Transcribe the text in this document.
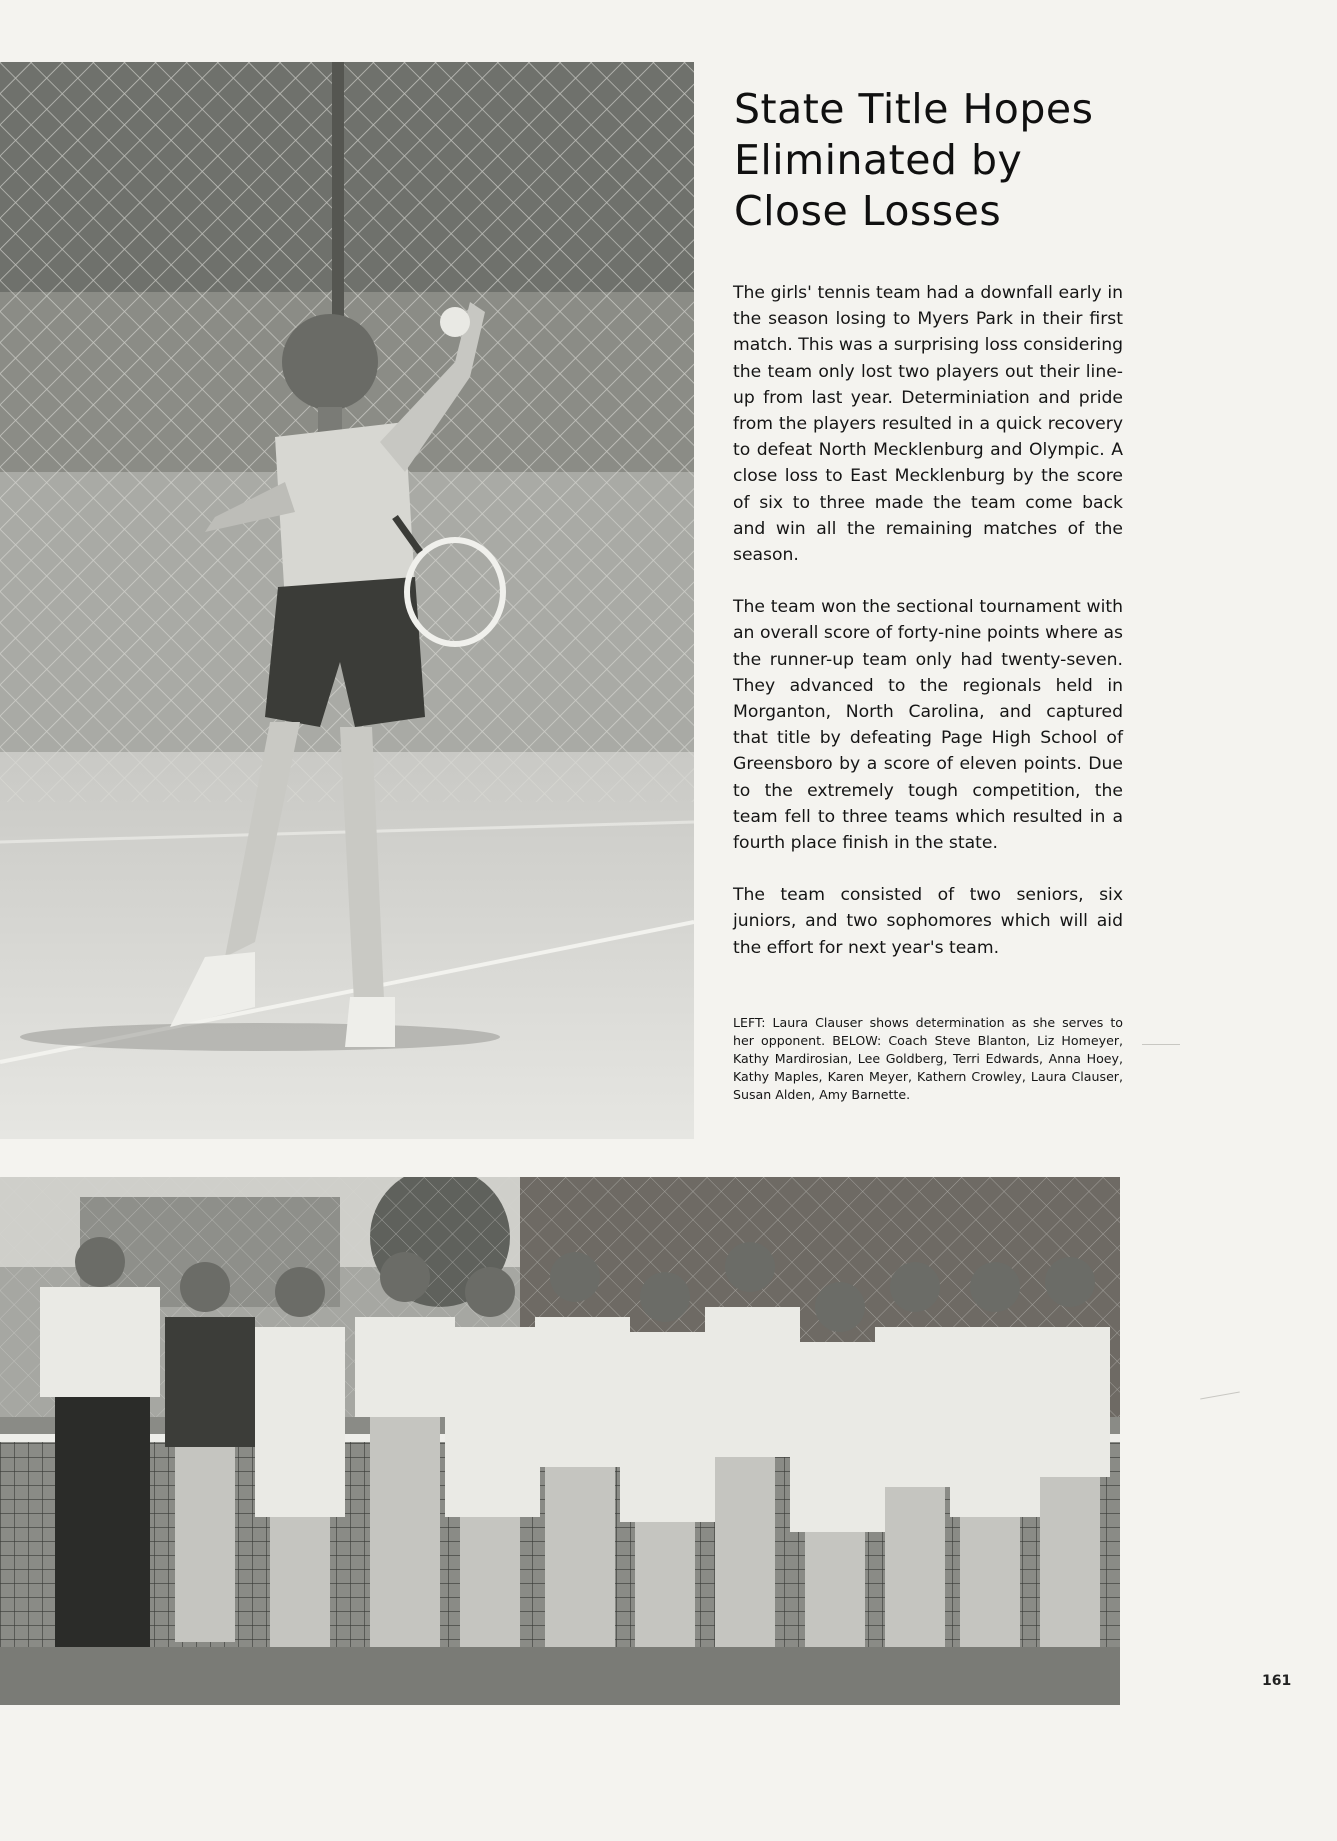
State Title Hopes
Eliminated by
Close Losses

The girls' tennis team had a downfall early in the season losing to Myers Park in their first match. This was a surprising loss considering the team only lost two players out their line-up from last year. Determiniation and pride from the players resulted in a quick recovery to defeat North Mecklenburg and Olympic. A close loss to East Mecklenburg by the score of six to three made the team come back and win all the remaining matches of the season.

The team won the sectional tournament with an overall score of forty-nine points where as the runner-up team only had twenty-seven. They advanced to the regionals held in Morganton, North Carolina, and captured that title by defeating Page High School of Greensboro by a score of eleven points. Due to the extremely tough competition, the team fell to three teams which resulted in a fourth place finish in the state.

The team consisted of two seniors, six juniors, and two sophomores which will aid the effort for next year's team.

LEFT: Laura Clauser shows determination as she serves to her opponent. BELOW: Coach Steve Blanton, Liz Homeyer, Kathy Mardirosian, Lee Goldberg, Terri Edwards, Anna Hoey, Kathy Maples, Karen Meyer, Kathern Crowley, Laura Clauser, Susan Alden, Amy Barnette.
161
